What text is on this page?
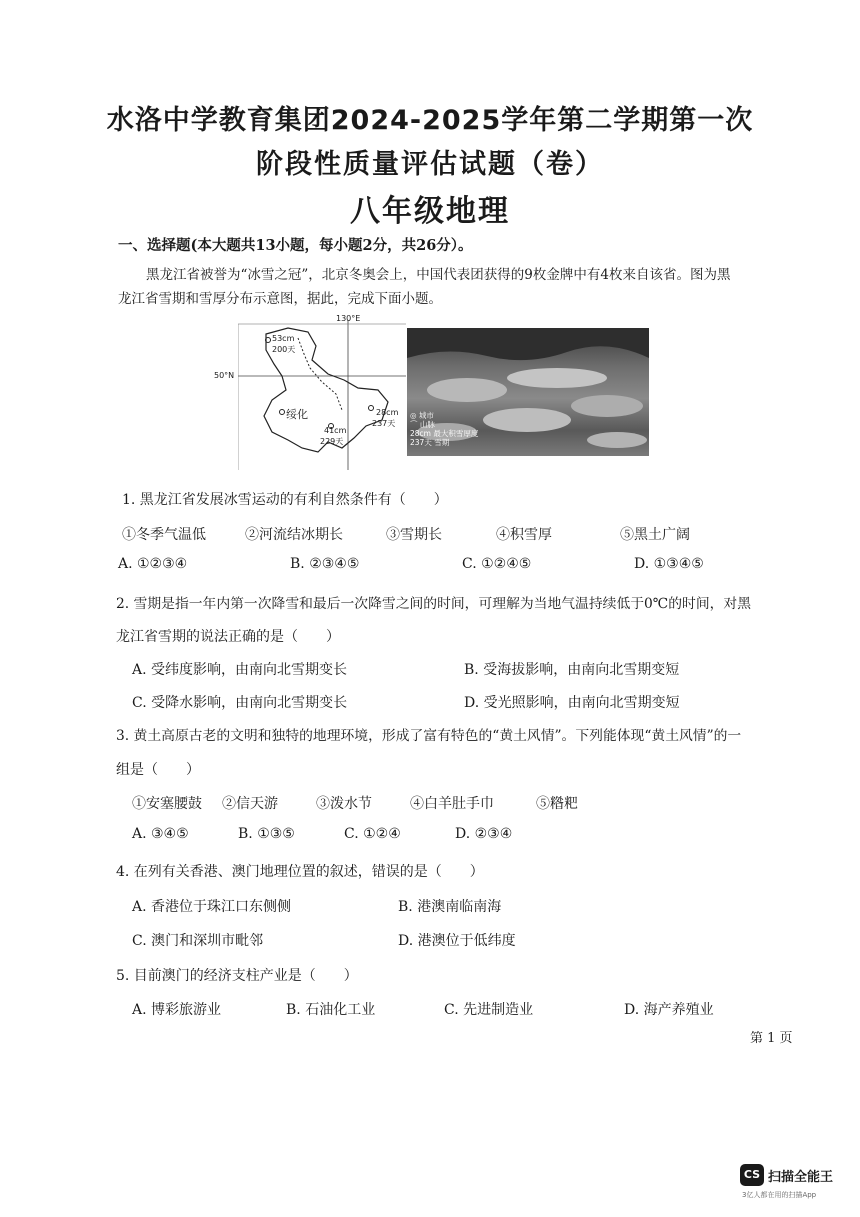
水洛中学教育集团2024-2025学年第二学期第一次
阶段性质量评估试题（卷）
八年级地理
一、选择题(本大题共13小题，每小题2分，共26分）。
黑龙江省被誉为“冰雪之冠”，北京冬奥会上，中国代表团获得的9枚金牌中有4枚来自该省。图为黑
龙江省雪期和雪厚分布示意图，据此，完成下面小题。
130°E
50°N
53cm
200天
28cm
237天
41cm
229天
绥化	◎ 城市
⌒ 山脉
28cm 最大积雪厚度
237天 雪期
1. 黑龙江省发展冰雪运动的有利自然条件有（　　）
①冬季气温低	②河流结冰期长	③雪期长	④积雪厚	⑤黑土广阔
A. ①②③④	B. ②③④⑤	C. ①②④⑤	D. ①③④⑤
2. 雪期是指一年内第一次降雪和最后一次降雪之间的时间，可理解为当地气温持续低于0℃的时间，对黑
龙江省雪期的说法正确的是（　　）
A. 受纬度影响，由南向北雪期变长	B. 受海拔影响，由南向北雪期变短
C. 受降水影响，由南向北雪期变长	D. 受光照影响，由南向北雪期变短
3. 黄土高原古老的文明和独特的地理环境，形成了富有特色的“黄土风情”。下列能体现“黄土风情”的一
组是（　　）
①安塞腰鼓 ②信天游	③泼水节	④白羊肚手巾	⑤糌粑
A. ③④⑤	B. ①③⑤	C. ①②④	D. ②③④
4. 在列有关香港、澳门地理位置的叙述，错误的是（　　）
A. 香港位于珠江口东侧侧	B. 港澳南临南海
C. 澳门和深圳市毗邻	D. 港澳位于低纬度
5. 目前澳门的经济支柱产业是（　　）
A. 博彩旅游业	B. 石油化工业	C. 先进制造业	D. 海产养殖业
第 1 页
CS 扫描全能王
3亿人都在用的扫描App
